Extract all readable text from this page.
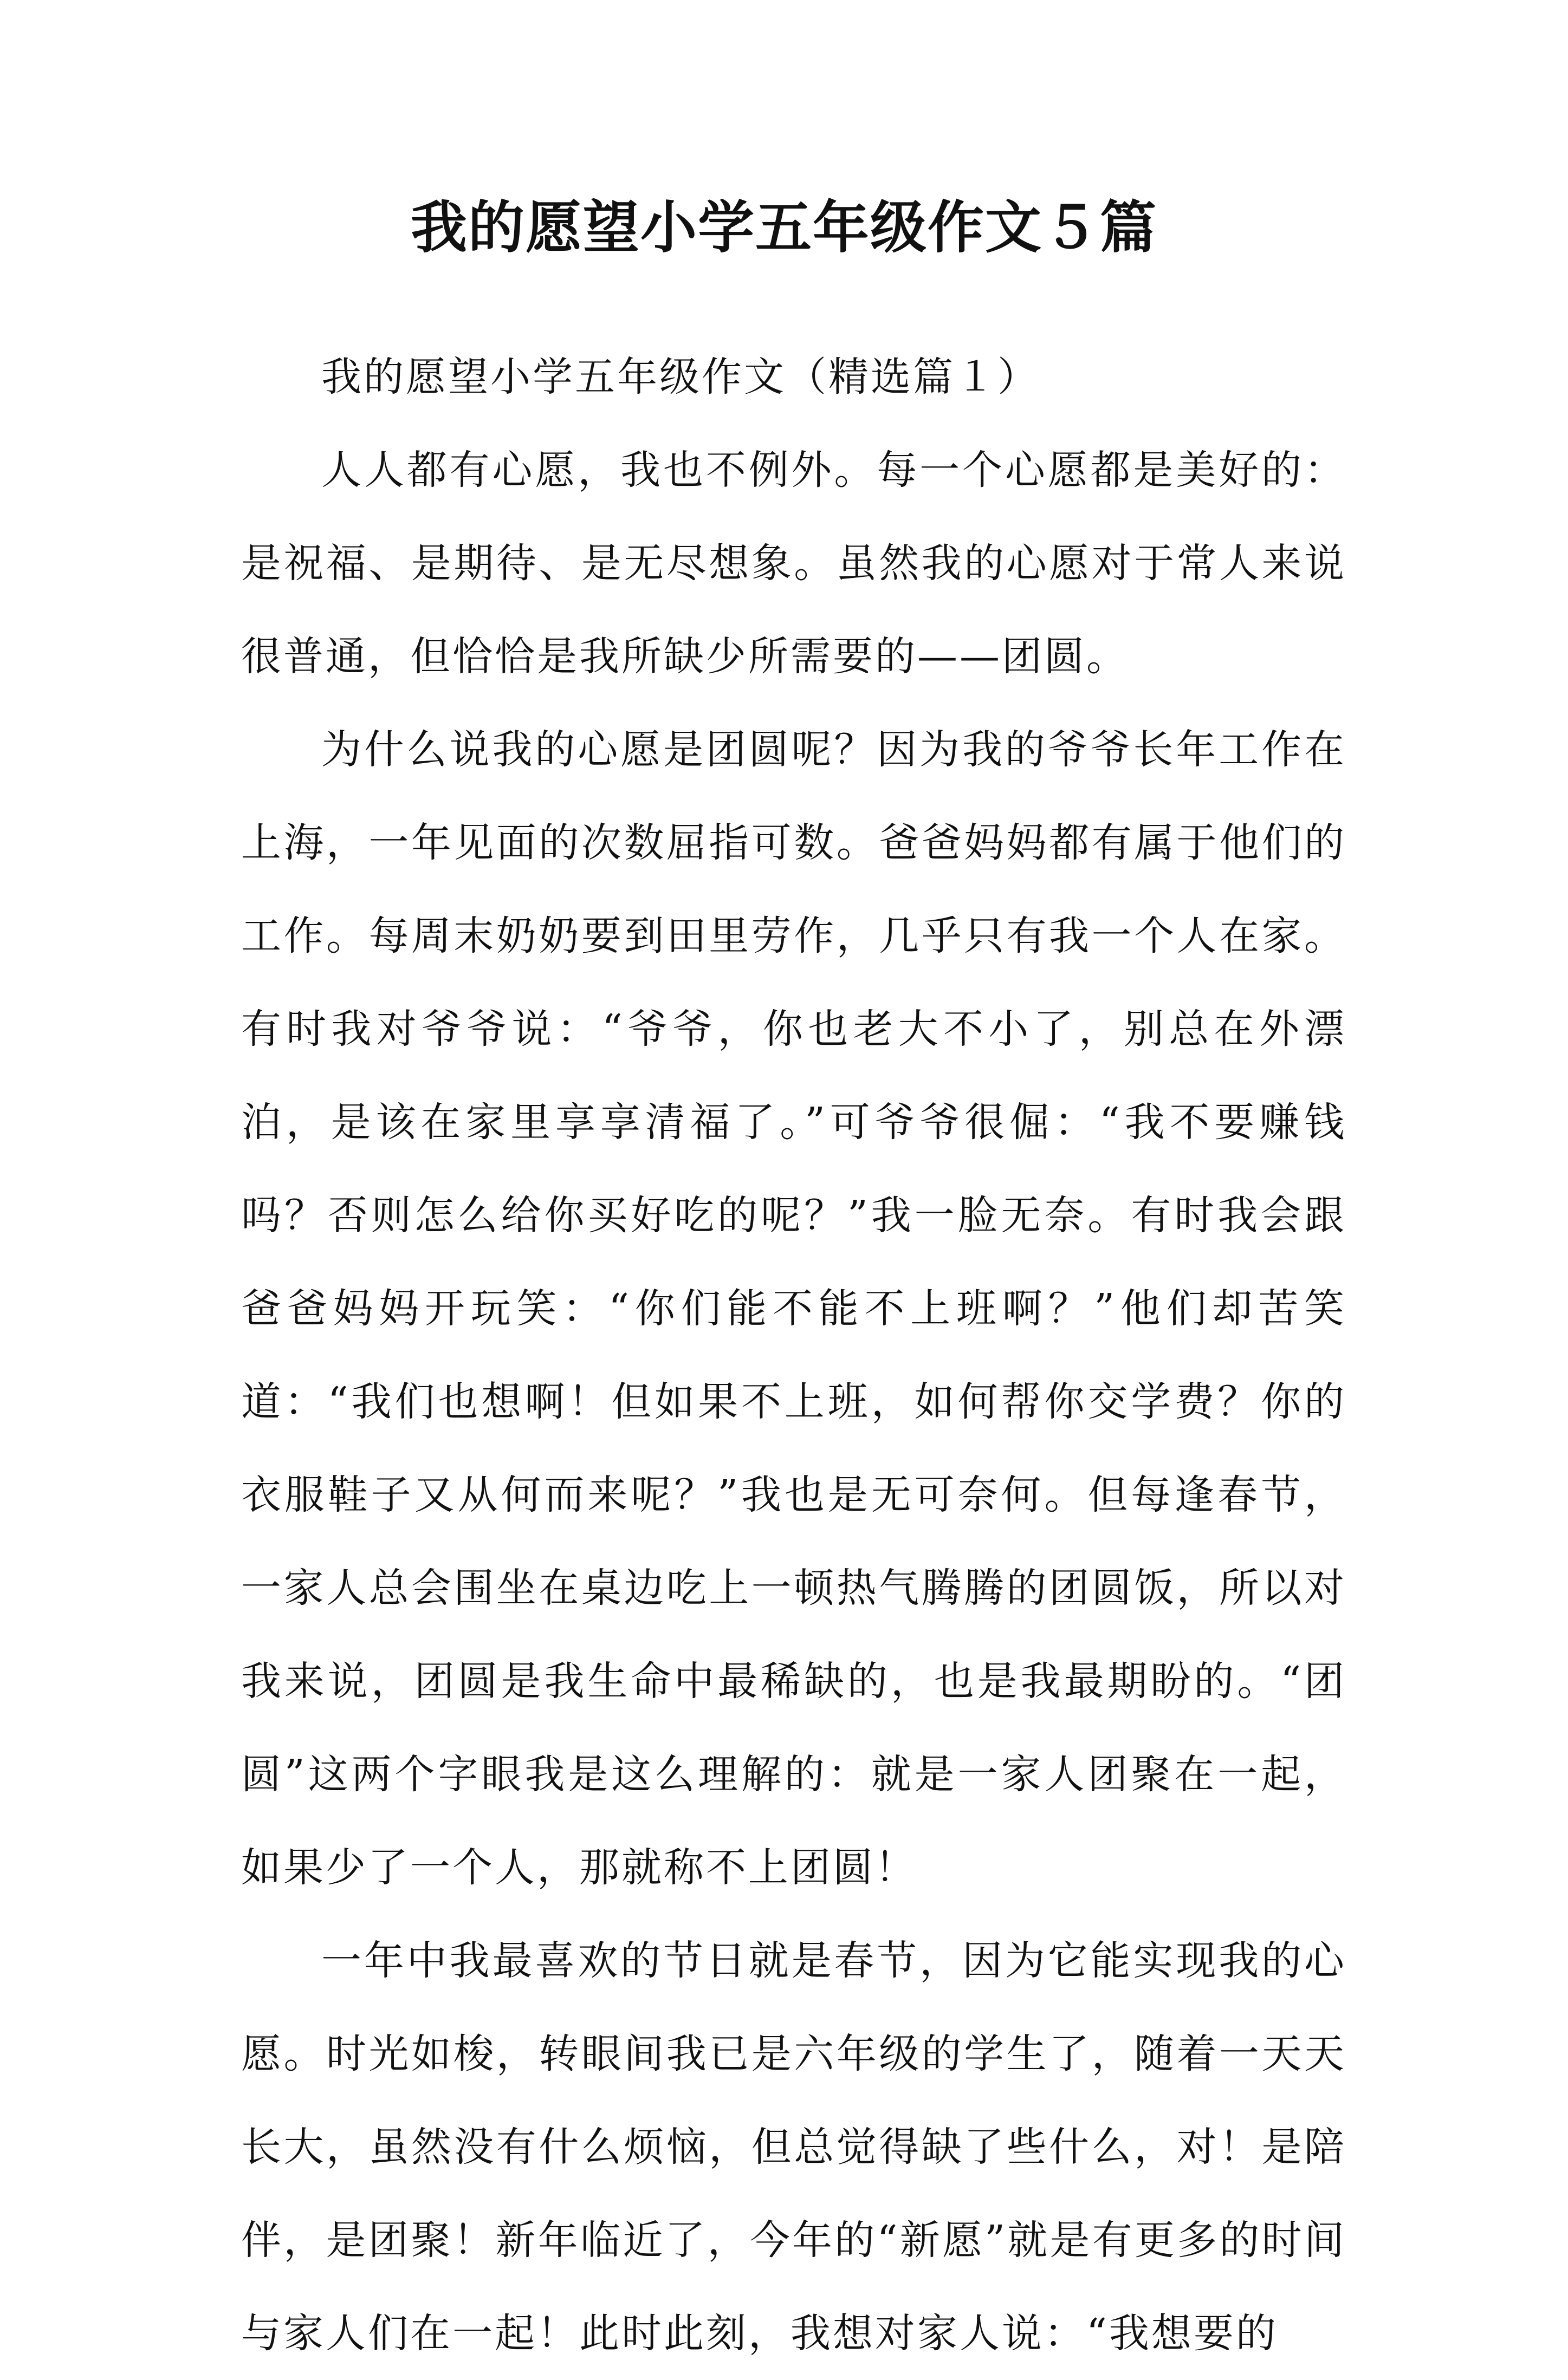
我的愿望小学五年级作文５篇

我的愿望小学五年级作文（精选篇１）

人人都有心愿，我也不例外。每一个心愿都是美好的：是祝福、是期待、是无尽想象。虽然我的心愿对于常人来说很普通，但恰恰是我所缺少所需要的——团圆。

为什么说我的心愿是团圆呢？因为我的爷爷长年工作在上海，一年见面的次数屈指可数。爸爸妈妈都有属于他们的工作。每周末奶奶要到田里劳作，几乎只有我一个人在家。有时我对爷爷说：“爷爷，你也老大不小了，别总在外漂泊，是该在家里享享清福了。”可爷爷很倔：“我不要赚钱吗？否则怎么给你买好吃的呢？”我一脸无奈。有时我会跟爸爸妈妈开玩笑：“你们能不能不上班啊？”他们却苦笑道：“我们也想啊！但如果不上班，如何帮你交学费？你的衣服鞋子又从何而来呢？”我也是无可奈何。但每逢春节，一家人总会围坐在桌边吃上一顿热气腾腾的团圆饭，所以对我来说，团圆是我生命中最稀缺的，也是我最期盼的。“团圆”这两个字眼我是这么理解的：就是一家人团聚在一起，如果少了一个人，那就称不上团圆！

一年中我最喜欢的节日就是春节，因为它能实现我的心愿。时光如梭，转眼间我已是六年级的学生了，随着一天天长大，虽然没有什么烦恼，但总觉得缺了些什么，对！是陪伴，是团聚！新年临近了，今年的“新愿”就是有更多的时间与家人们在一起！此时此刻，我想对家人说：“我想要的
